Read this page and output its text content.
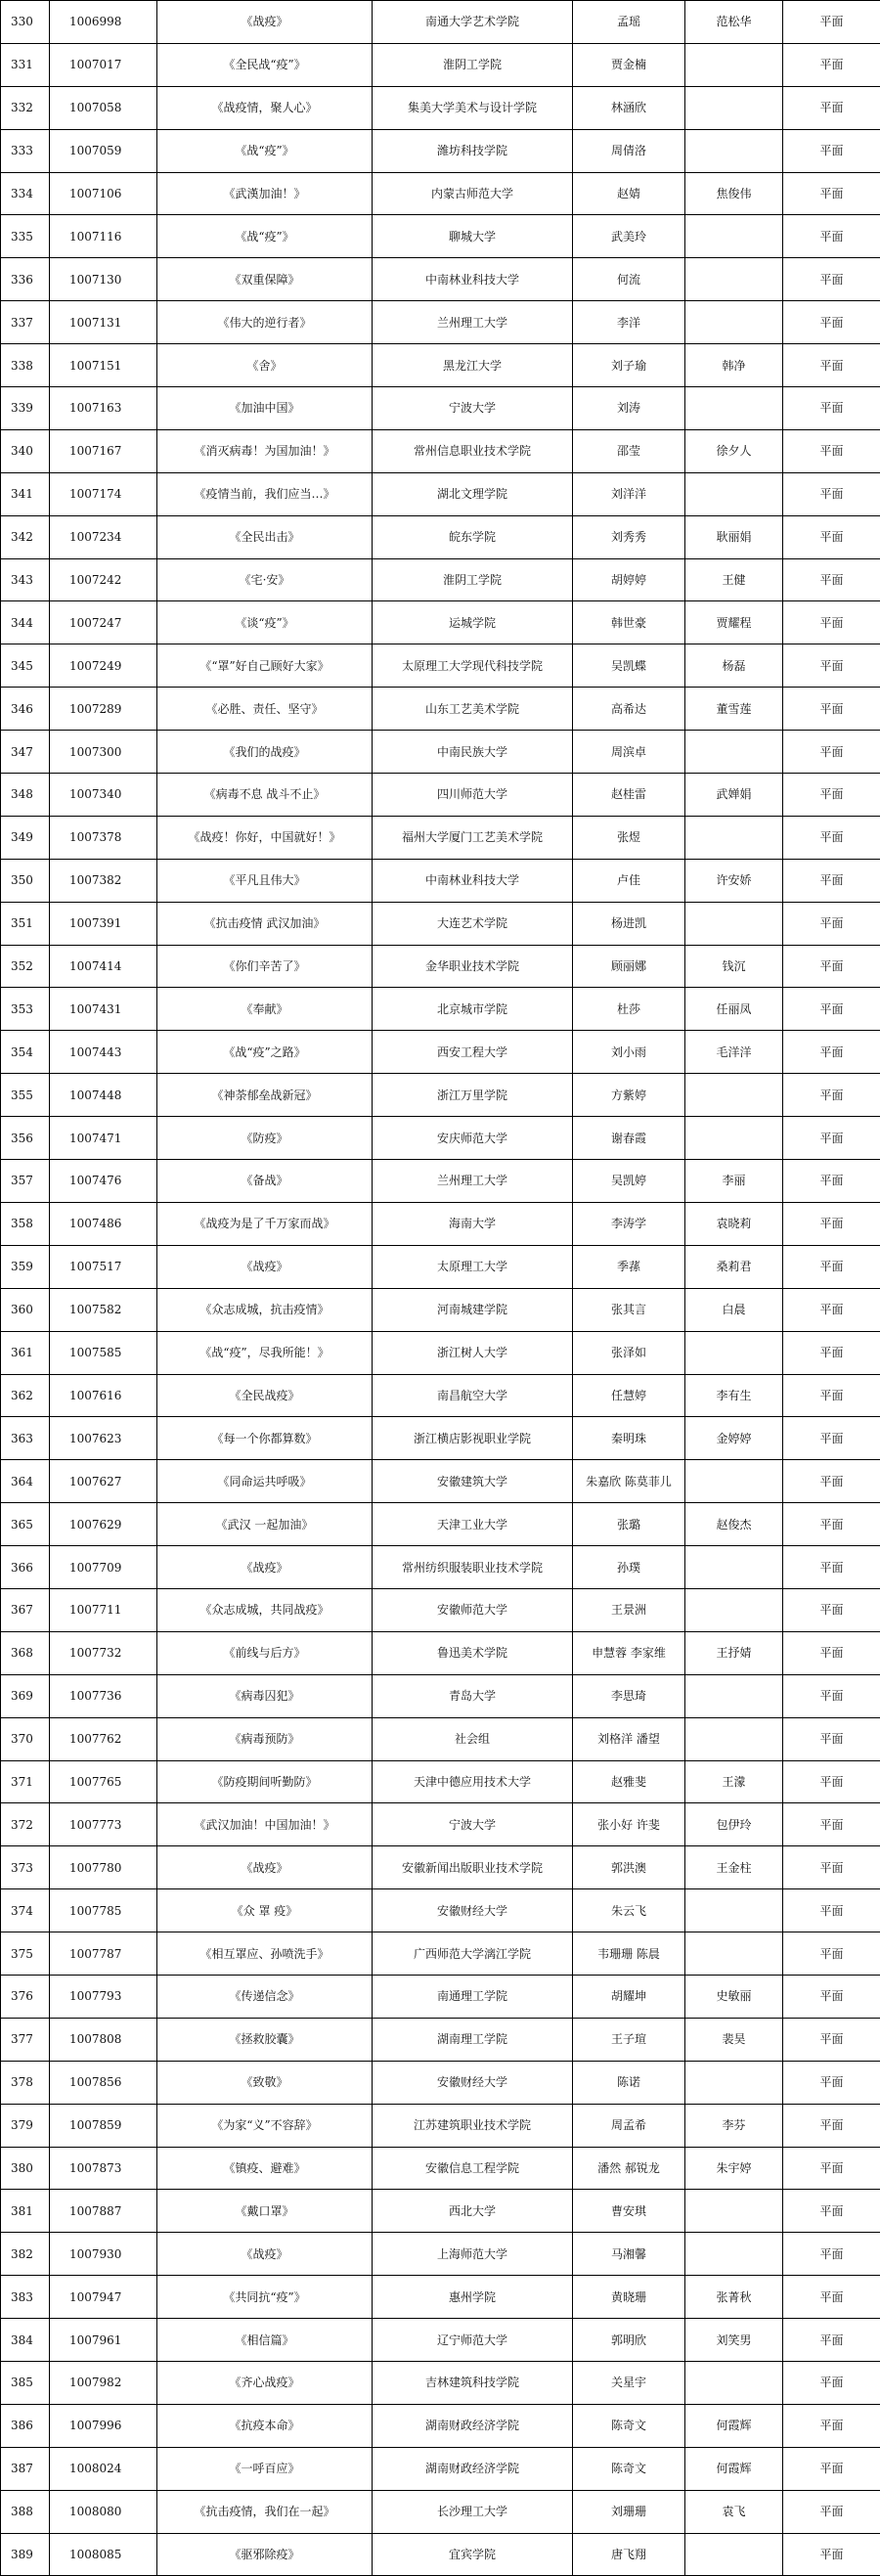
330	1006998	《战疫》	南通大学艺术学院	孟瑶	范松华	平面
331	1007017	《全民战“疫”》	淮阴工学院	贾金楠		平面
332	1007058	《战疫情，聚人心》	集美大学美术与设计学院	林涵欣		平面
333	1007059	《战“疫”》	潍坊科技学院	周倩洛		平面
334	1007106	《武漢加油！》	内蒙古师范大学	赵婧	焦俊伟	平面
335	1007116	《战“疫”》	聊城大学	武美玲		平面
336	1007130	《双重保障》	中南林业科技大学	何流		平面
337	1007131	《伟大的逆行者》	兰州理工大学	李洋		平面
338	1007151	《舍》	黑龙江大学	刘子瑜	韩净	平面
339	1007163	《加油中国》	宁波大学	刘涛		平面
340	1007167	《消灭病毒！为国加油！》	常州信息职业技术学院	邵莹	徐夕人	平面
341	1007174	《疫情当前，我们应当…》	湖北文理学院	刘洋洋		平面
342	1007234	《全民出击》	皖东学院	刘秀秀	耿丽娟	平面
343	1007242	《宅·安》	淮阴工学院	胡婷婷	王健	平面
344	1007247	《谈“疫”》	运城学院	韩世豪	贾耀程	平面
345	1007249	《“罩”好自己顾好大家》	太原理工大学现代科技学院	吴凯蝶	杨磊	平面
346	1007289	《必胜、责任、坚守》	山东工艺美术学院	高希达	董雪莲	平面
347	1007300	《我们的战疫》	中南民族大学	周滨卓		平面
348	1007340	《病毒不息 战斗不止》	四川师范大学	赵桂雷	武婵娟	平面
349	1007378	《战疫！你好，中国就好！》	福州大学厦门工艺美术学院	张煜		平面
350	1007382	《平凡且伟大》	中南林业科技大学	卢佳	许安娇	平面
351	1007391	《抗击疫情 武汉加油》	大连艺术学院	杨进凯		平面
352	1007414	《你们辛苦了》	金华职业技术学院	顾丽娜	钱沉	平面
353	1007431	《奉献》	北京城市学院	杜莎	任丽凤	平面
354	1007443	《战“疫”之路》	西安工程大学	刘小雨	毛洋洋	平面
355	1007448	《神荼郁垒战新冠》	浙江万里学院	方紫婷		平面
356	1007471	《防疫》	安庆师范大学	谢春霞		平面
357	1007476	《备战》	兰州理工大学	吴凯婷	李丽	平面
358	1007486	《战疫为是了千万家而战》	海南大学	李涛学	袁晓莉	平面
359	1007517	《战疫》	太原理工大学	季蓀	桑莉君	平面
360	1007582	《众志成城，抗击疫情》	河南城建学院	张其言	白晨	平面
361	1007585	《战“疫”，尽我所能！》	浙江树人大学	张泽如		平面
362	1007616	《全民战疫》	南昌航空大学	任慧婷	李有生	平面
363	1007623	《每一个你都算数》	浙江横店影视职业学院	秦明珠	金婷婷	平面
364	1007627	《同命运共呼吸》	安徽建筑大学	朱嘉欣 陈莫菲儿		平面
365	1007629	《武汉 一起加油》	天津工业大学	张璐	赵俊杰	平面
366	1007709	《战疫》	常州纺织服装职业技术学院	孙璞		平面
367	1007711	《众志成城，共同战疫》	安徽师范大学	王景洲		平面
368	1007732	《前线与后方》	鲁迅美术学院	申慧蓉 李家维	王抒婧	平面
369	1007736	《病毒囚犯》	青岛大学	李思琦		平面
370	1007762	《病毒预防》	社会组	刘格洋 潘望		平面
371	1007765	《防疫期间听勤防》	天津中德应用技术大学	赵雅斐	王濛	平面
372	1007773	《武汉加油！中国加油！》	宁波大学	张小好 许斐	包伊玲	平面
373	1007780	《战疫》	安徽新闻出版职业技术学院	郭洪澳	王金柱	平面
374	1007785	《众 罩 疫》	安徽财经大学	朱云飞		平面
375	1007787	《相互罩应、孙喷洗手》	广西师范大学漓江学院	韦珊珊 陈晨		平面
376	1007793	《传递信念》	南通理工学院	胡耀坤	史敏丽	平面
377	1007808	《拯救胶囊》	湖南理工学院	王子瑄	裴昊	平面
378	1007856	《致敬》	安徽财经大学	陈诺		平面
379	1007859	《为家“义”不容辞》	江苏建筑职业技术学院	周孟希	李芬	平面
380	1007873	《镇疫、避难》	安徽信息工程学院	潘然 郝锐龙	朱宇婷	平面
381	1007887	《戴口罩》	西北大学	曹安琪		平面
382	1007930	《战疫》	上海师范大学	马湘馨		平面
383	1007947	《共同抗“疫”》	惠州学院	黄晓珊	张菁秋	平面
384	1007961	《相信篇》	辽宁师范大学	郭明欣	刘笑男	平面
385	1007982	《齐心战疫》	吉林建筑科技学院	关星宇		平面
386	1007996	《抗疫本命》	湖南财政经济学院	陈奇文	何霞辉	平面
387	1008024	《一呼百应》	湖南财政经济学院	陈奇文	何霞辉	平面
388	1008080	《抗击疫情，我们在一起》	长沙理工大学	刘珊珊	袁飞	平面
389	1008085	《驱邪除疫》	宜宾学院	唐飞翔		平面
